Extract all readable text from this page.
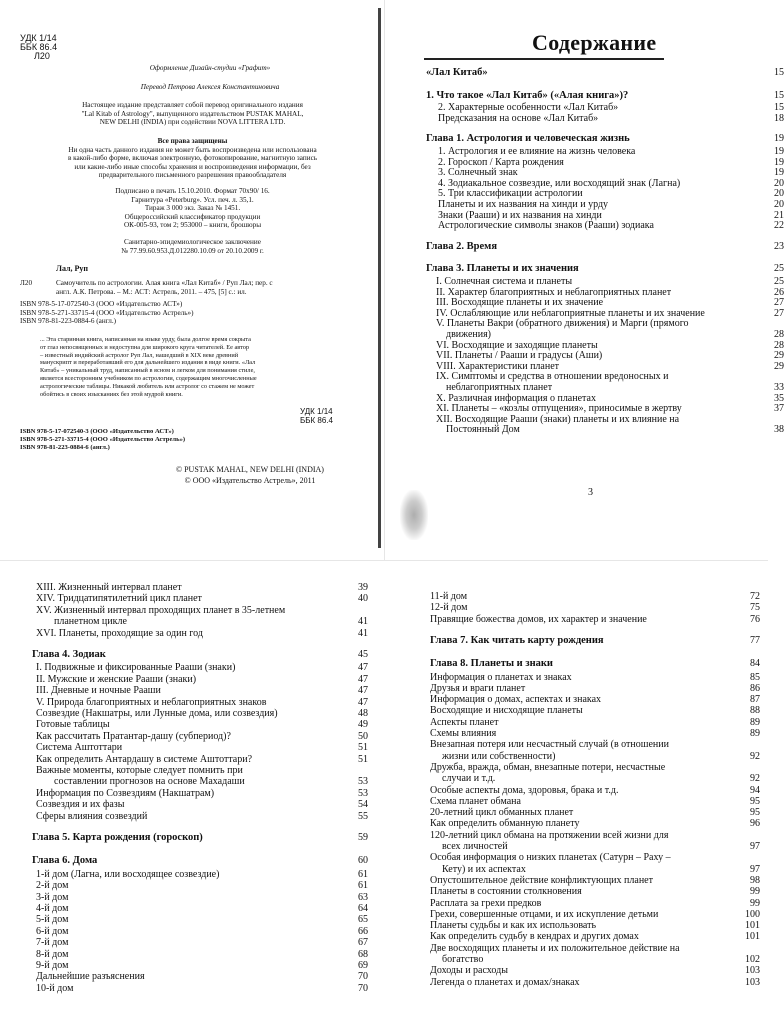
УДК 1/14
ББК 86.4
Л20
Оформление Дизайн-студии «Графит»
Перевод Петрова Алексея Константиновича
Настоящее издание представляет собой перевод оригинального издания
"Lal Kitab of Astrology", выпущенного издательством PUSTAK MAHAL,
NEW DELHI (INDIA) при содействии NOVA LITTERA LTD.
Все права защищены
Ни одна часть данного издания не может быть воспроизведена или использована
в какой-либо форме, включая электронную, фотокопирование, магнитную запись
или какие-либо иные способы хранения и воспроизведения информации, без
предварительного письменного разрешения правообладателя
Подписано в печать 15.10.2010. Формат 70х90/ 16.
Гарнитура «Peterburg». Усл. печ. л. 35,1.
Тираж 3 000 экз. Заказ № 1451.
Общероссийский классификатор продукции
ОК-005-93, том 2; 953000 – книги, брошюры
Санитарно-эпидемиологическое заключение
№ 77.99.60.953.Д.012280.10.09 от 20.10.2009 г.
Лал, Руп
Л20	Самоучитель по астрологии. Алая книга «Лал Китаб» / Руп Лал; пер. с
англ. А.К. Петрова. – М.: АСТ: Астрель, 2011. – 475, [5] с.: ил.
ISBN 978-5-17-072540-3 (ООО «Издательство АСТ»)
ISBN 978-5-271-33715-4 (ООО «Издательство Астрель»)
ISBN 978-81-223-0884-6 (англ.)
... Эта старинная книга, написанная на языке урду, была долгое время сокрыта
от глаз непосвященных и недоступна для широкого круга читателей. Ее автор
– известный индийский астролог Руп Лал, нашедший в XIX веке древний
манускрипт и переработавший его для дальнейшего издания в виде книги. «Лал
Китаб» – уникальный труд, написанный в ясном и легком для понимания стиле,
является всесторонним учебником по астрологии, содержащим многочисленные
астрологические таблицы. Никакой любитель или астролог со стажем не может
обойтись в своих изысканиях без этой мудрой книги.
УДК 1/14
ББК 86.4
ISBN 978-5-17-072540-3 (ООО «Издательство АСТ»)
ISBN 978-5-271-33715-4 (ООО «Издательство Астрель»)
ISBN 978-81-223-0884-6 (англ.)
© PUSTAK MAHAL, NEW DELHI (INDIA)
© ООО «Издательство Астрель», 2011
Содержание
«Лал Китаб»	15
1. Что такое «Лал Китаб» («Алая книга»)?	15
2. Характерные особенности «Лал Китаб»	15
Предсказания на основе «Лал Китаб»	18
Глава 1. Астрология и человеческая жизнь	19
1. Астрология и ее влияние на жизнь человека	19
2. Гороскоп / Карта рождения	19
3. Солнечный знак	19
4. Зодиакальное созвездие, или восходящий знак (Лагна)	20
5. Три классификации астрологии	20
Планеты и их названия на хинди и урду	20
Знаки (Рааши) и их названия на хинди	21
Астрологические символы знаков (Рааши) зодиака	22
Глава 2. Время	23
Глава 3. Планеты и их значения	25
I. Солнечная система и планеты	25
II. Характер благоприятных и неблагоприятных планет	26
III. Восходящие планеты и их значение	27
IV. Ослабляющие или неблагоприятные планеты и их значение	27
V. Планеты Вакри (обратного движения) и Марги (прямого
движения)	28
VI. Восходящие и заходящие планеты	28
VII. Планеты / Рааши и градусы (Аши)	29
VIII. Характеристики планет	29
IX. Симптомы и средства в отношении вредоносных и
неблагоприятных планет	33
X. Различная информация о планетах	35
XI. Планеты – «козлы отпущения», приносимые в жертву	37
XII. Восходящие Рааши (знаки) планеты и их влияние на
Постоянный Дом	38
3
XIII. Жизненный интервал планет	39
XIV. Тридцатипятилетний цикл планет	40
XV. Жизненный интервал проходящих планет в 35-летнем
планетном цикле	41
XVI. Планеты, проходящие за один год	41
Глава 4. Зодиак	45
I. Подвижные и фиксированные Рааши (знаки)	47
II. Мужские и женские Рааши (знаки)	47
III. Дневные и ночные Рааши	47
V. Природа благоприятных и неблагоприятных знаков	47
Созвездие (Накшатры, или Лунные дома, или созвездия)	48
Готовые таблицы	49
Как рассчитать Пратантар-дашу (субпериод)?	50
Система Аштоттари	51
Как определить Антардашу в системе Аштоттари?	51
Важные моменты, которые следует помнить при
составлении прогнозов на основе Махадаши	53
Информация по Созвездиям (Накшатрам)	53
Созвездия и их фазы	54
Сферы влияния созвездий	55
Глава 5. Карта рождения (гороскоп)	59
Глава 6. Дома	60
1-й дом (Лагна, или восходящее созвездие)	61
2-й дом	61
3-й дом	63
4-й дом	64
5-й дом	65
6-й дом	66
7-й дом	67
8-й дом	68
9-й дом	69
Дальнейшие разъяснения	70
10-й дом	70
11-й дом	72
12-й дом	75
Правящие божества домов, их характер и значение	76
Глава 7. Как читать карту рождения	77
Глава 8. Планеты и знаки	84
Информация о планетах и знаках	85
Друзья и враги планет	86
Информация о домах, аспектах и знаках	87
Восходящие и нисходящие планеты	88
Аспекты планет	89
Схемы влияния	89
Внезапная потеря или несчастный случай (в отношении
жизни или собственности)	92
Дружба, вражда, обман, внезапные потери, несчастные
случаи и т.д.	92
Особые аспекты дома, здоровья, брака и т.д.	94
Схема планет обмана	95
20-летний цикл обманных планет	95
Как определить обманную планету	96
120-летний цикл обмана на протяжении всей жизни для
всех личностей	97
Особая информация о низких планетах (Сатурн – Раху –
Кету) и их аспектах	97
Опустошительное действие конфликтующих планет	98
Планеты в состоянии столкновения	99
Расплата за грехи предков	99
Грехи, совершенные отцами, и их искупление детьми	100
Планеты судьбы и как их использовать	101
Как определить судьбу в кендрах и других домах	101
Две восходящих планеты и их положительное действие на
богатство	102
Доходы и расходы	103
Легенда о планетах и домах/знаках	103
